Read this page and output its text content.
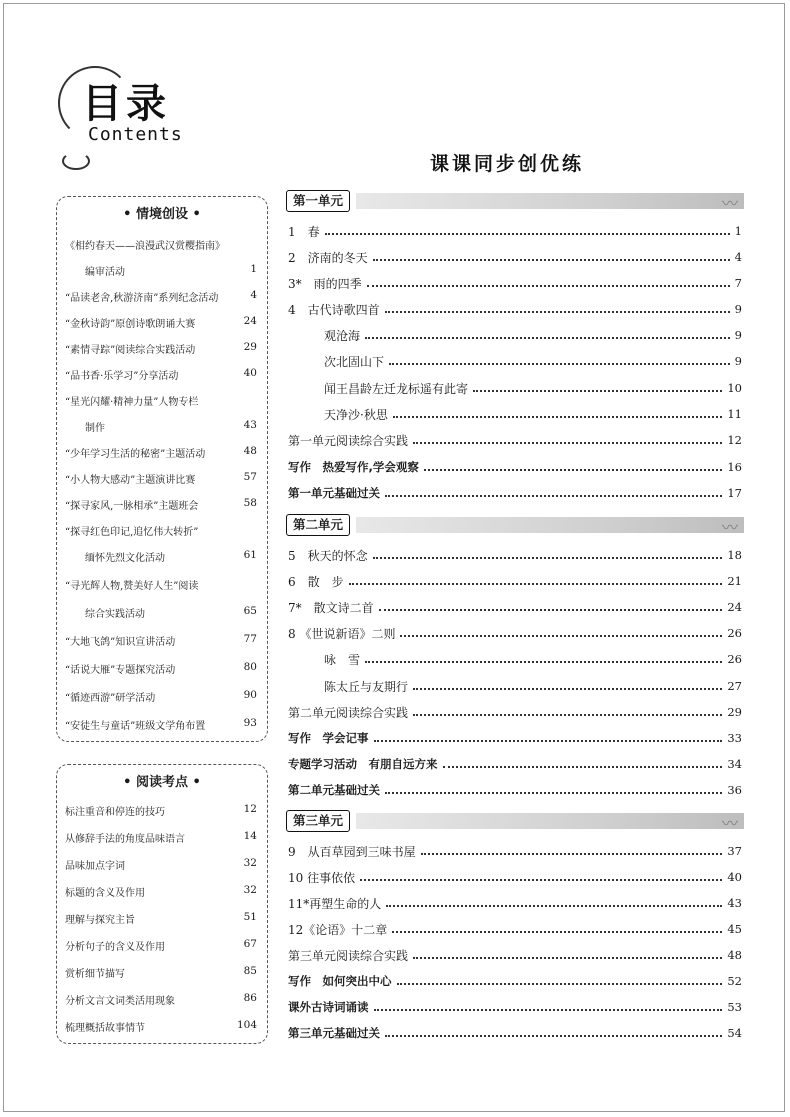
目录
Contents
课课同步创优练
• 情境创设 •
《相约春天——浪漫武汉赏樱指南》
编审活动	1
“品读老舍,秋游济南”系列纪念活动	4
“金秋诗韵”原创诗歌朗诵大赛	24
“素情寻踪”阅读综合实践活动	29
“品书香·乐学习”分享活动	40
“星光闪耀·精神力量”人物专栏
制作	43
“少年学习生活的秘密”主题活动	48
“小人物大感动”主题演讲比赛	57
“探寻家风,一脉相承”主题班会	58
“探寻红色印记,追忆伟大转折”
缅怀先烈文化活动	61
“寻光辉人物,赞美好人生”阅读
综合实践活动	65
“大地飞鸽”知识宣讲活动	77
“话说大雁”专题探究活动	80
“循迹西游”研学活动	90
“安徒生与童话”班级文学角布置	93
• 阅读考点 •
标注重音和停连的技巧	12
从修辞手法的角度品味语言	14
品味加点字词	32
标题的含义及作用	32
理解与探究主旨	51
分析句子的含义及作用	67
赏析细节描写	85
分析文言文词类活用现象	86
梳理概括故事情节	104
第一单元	〰
第二单元	〰
第三单元	〰
1　春	1
2　济南的冬天	4
3*　雨的四季	7
4　古代诗歌四首	9
观沧海	9
次北固山下	9
闻王昌龄左迁龙标遥有此寄	10
天净沙·秋思	11
第一单元阅读综合实践	12
写作　热爱写作,学会观察	16
第一单元基础过关	17
5　秋天的怀念	18
6　散　步	21
7*　散文诗二首	24
8 《世说新语》二则	26
咏　雪	26
陈太丘与友期行	27
第二单元阅读综合实践	29
写作　学会记事	33
专题学习活动　有朋自远方来	34
第二单元基础过关	36
9　从百草园到三味书屋	37
10 往事依依	40
11*再塑生命的人	43
12《论语》十二章	45
第三单元阅读综合实践	48
写作　如何突出中心	52
课外古诗词诵读	53
第三单元基础过关	54
